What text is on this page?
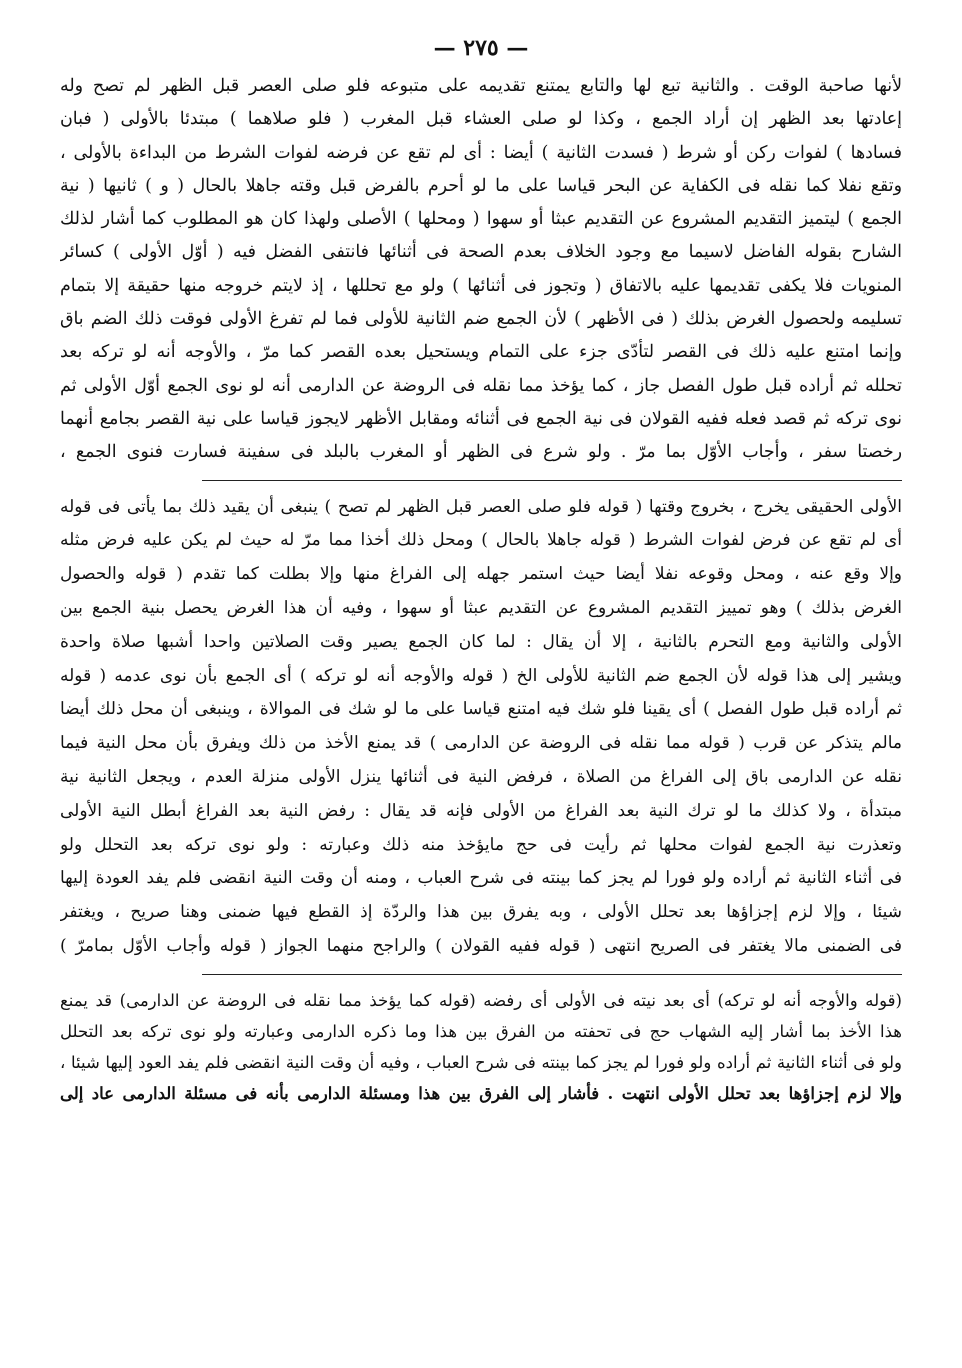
— ٢٧٥ —
لأنها صاحبة الوقت . والثانية تبع لها والتابع يمتنع تقديمه على متبوعه فلو صلى العصر قبل الظهر لم تصح وله
إعادتها بعد الظهر إن أراد الجمع ، وكذا لو صلى العشاء قبل المغرب ( فلو صلاهما ) مبتدئا بالأولى ( فبان
فسادها ) لفوات ركن أو شرط ( فسدت الثانية ) أيضا : أى لم تقع عن فرضه لفوات الشرط من البداءة بالأولى ،
وتقع نفلا كما نقله فى الكفاية عن البحر قياسا على ما لو أحرم بالفرض قبل وقته جاهلا بالحال ( و ) ثانيها ( نية
الجمع ) ليتميز التقديم المشروع عن التقديم عبثا أو سهوا ( ومحلها ) الأصلى ولهذا كان هو المطلوب كما أشار لذلك
الشارح بقوله الفاضل لاسيما مع وجود الخلاف بعدم الصحة فى أثنائها فانتفى الفضل فيه ( أوّل الأولى ) كسائر
المنويات فلا يكفى تقديمها عليه بالاتفاق ( وتجوز فى أثنائها ) ولو مع تحللها ، إذ لايتم خروجه منها حقيقة إلا بتمام
تسليمه ولحصول الغرض بذلك ( فى الأظهر ) لأن الجمع ضم الثانية للأولى فما لم تفرغ الأولى فوقت ذلك الضم باق
وإنما امتنع عليه ذلك فى القصر لتأدّى جزء على التمام ويستحيل بعده القصر كما مرّ ، والأوجه أنه لو تركه بعد
تحلله ثم أراده قبل طول الفصل جاز ، كما يؤخذ مما نقله فى الروضة عن الدارمى أنه لو نوى الجمع أوّل الأولى ثم
نوى تركه ثم قصد فعله ففيه القولان فى نية الجمع فى أثنائه ومقابل الأظهر لايجوز قياسا على نية القصر بجامع أنهما
رخصتا سفر ، وأجاب الأوّل بما مرّ . ولو شرع فى الظهر أو المغرب بالبلد فى سفينة فسارت فنوى الجمع ،
الأولى الحقيقى يخرج ، بخروج وقتها ( قوله فلو صلى العصر قبل الظهر لم تصح ) ينبغى أن يقيد ذلك بما يأتى فى قوله
أى لم تقع عن فرض لفوات الشرط ( قوله جاهلا بالحال ) ومحل ذلك أخذا مما مرّ له حيث لم يكن عليه فرض مثله
وإلا وقع عنه ، ومحل وقوعه نفلا أيضا حيث استمر جهله إلى الفراغ منها وإلا بطلت كما تقدم ( قوله والحصول
الغرض بذلك ) وهو تمييز التقديم المشروع عن التقديم عبثا أو سهوا ، وفيه أن هذا الغرض يحصل بنية الجمع بين
الأولى والثانية ومع التحرم بالثانية ، إلا أن يقال : لما كان الجمع يصير وقت الصلاتين واحدا أشبها صلاة واحدة
ويشير إلى هذا قوله لأن الجمع ضم الثانية للأولى الخ ( قوله والأوجه أنه لو تركه ) أى الجمع بأن نوى عدمه ( قوله
ثم أراده قبل طول الفصل ) أى يقينا فلو شك فيه امتنع قياسا على ما لو شك فى الموالاة ، وينبغى أن محل ذلك أيضا
مالم يتذكر عن قرب ( قوله مما نقله فى الروضة عن الدارمى ) قد يمنع الأخذ من ذلك ويفرق بأن محل النية فيما
نقله عن الدارمى باق إلى الفراغ من الصلاة ، فرفض النية فى أثنائها ينزل الأولى منزلة العدم ، ويجعل الثانية نية
مبتدأة ، ولا كذلك ما لو ترك النية بعد الفراغ من الأولى فإنه قد يقال : رفض النية بعد الفراغ أبطل النية الأولى
وتعذرت نية الجمع لفوات محلها ثم رأيت فى حج مايؤخذ منه ذلك وعبارته : ولو نوى تركه بعد التحلل ولو
فى أثناء الثانية ثم أراده ولو فورا لم يجز كما بينته فى شرح العباب ، ومنه أن وقت النية انقضى فلم يفد العودة إليها
شيئا ، وإلا لزم إجزاؤها بعد تحلل الأولى ، وبه يفرق بين هذا والردّة إذ القطع فيها ضمنى وهنا صريح ، ويغتفر
فى الضمنى مالا يغتفر فى الصريح انتهى ( قوله ففيه القولان ) والراجح منهما الجواز ( قوله وأجاب الأوّل بمامرّ )
(قوله والأوجه أنه لو تركه) أى بعد نيته فى الأولى أى رفضه (قوله كما يؤخذ مما نقله فى الروضة عن الدارمى) قد يمنع
هذا الأخذ بما أشار إليه الشهاب حج فى تحفته من الفرق بين هذا وما ذكره الدارمى وعبارته ولو نوى تركه بعد التحلل
ولو فى أثناء الثانية ثم أراده ولو فورا لم يجز كما بينته فى شرح العباب ، وفيه أن وقت النية انقضى فلم يفد العود إليها شيئا ،
وإلا لزم إجزاؤها بعد تحلل الأولى انتهت . فأشار إلى الفرق بين هذا ومسئلة الدارمى بأنه فى مسئلة الدارمى عاد إلى
